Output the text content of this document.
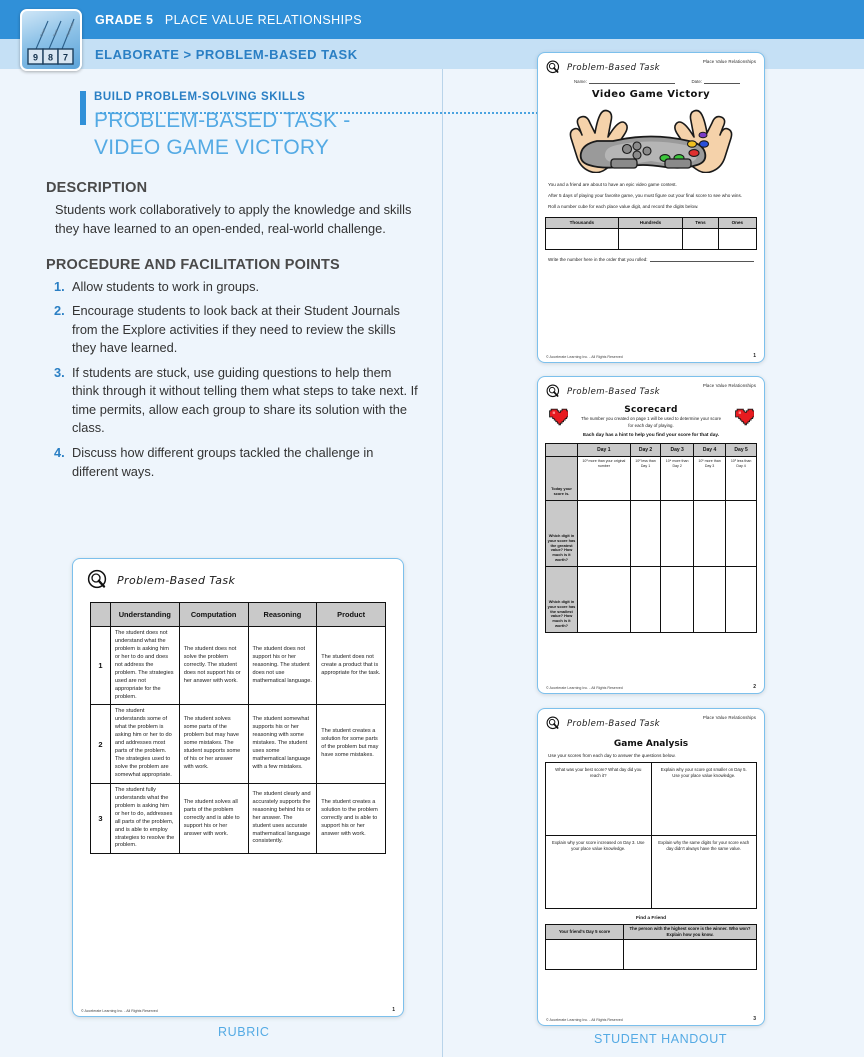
GRADE 5 PLACE VALUE RELATIONSHIPS
ELABORATE > PROBLEM-BASED TASK
Ones Tens Hundreds
9 8 7
BUILD PROBLEM-SOLVING SKILLS
PROBLEM-BASED TASK - VIDEO GAME VICTORY
DESCRIPTION
Students work collaboratively to apply the knowledge and skills they have learned to an open-ended, real-world challenge.
PROCEDURE AND FACILITATION POINTS
1. Allow students to work in groups.
2. Encourage students to look back at their Student Journals from the Explore activities if they need to review the skills they have learned.
3. If students are stuck, use guiding questions to help them think through it without telling them what steps to take next. If time permits, allow each group to share its solution with the class.
4. Discuss how different groups tackled the challenge in different ways.
Problem-Based Task
	Understanding	Computation	Reasoning	Product
1	The student does not understand what the problem is asking him or her to do and does not address the problem. The strategies used are not appropriate for the problem.	The student does not solve the problem correctly. The student does not support his or her answer with work.	The student does not support his or her reasoning. The student does not use mathematical language.	The student does not create a product that is appropriate for the task.
2	The student understands some of what the problem is asking him or her to do and addresses most parts of the problem. The strategies used to solve the problem are somewhat appropriate.	The student solves some parts of the problem but may have some mistakes. The student supports some of his or her answer with work.	The student somewhat supports his or her reasoning with some mistakes. The student uses some mathematical language with a few mistakes.	The student creates a solution for some parts of the problem but may have some mistakes.
3	The student fully understands what the problem is asking him or her to do, addresses all parts of the problem, and is able to employ strategies to resolve the problem.	The student solves all parts of the problem correctly and is able to support his or her answer with work.	The student clearly and accurately supports the reasoning behind his or her answer. The student uses accurate mathematical language consistently.	The student creates a solution to the problem correctly and is able to support his or her answer with work.
© Accelerate Learning Inc. - All Rights Reserved	1
Problem-Based Task
Place Value Relationships
Name:	Date:
Video Game Victory

You and a friend are about to have an epic video game contest.

After 5 days of playing your favorite game, you must figure out your final score to see who wins.

Roll a number cube for each place value digit, and record the digits below.

Thousands	Hundreds	Tens	Ones

Write the number here in the order that you rolled:
© Accelerate Learning Inc. - All Rights Reserved	1
Problem-Based Task
Place Value Relationships
Scorecard
The number you created on page 1 will be used to determine your score for each day of playing.
Each day has a hint to help you find your score for that day.
	Day 1	Day 2	Day 3	Day 4	Day 5
Today your score is.	10³ more than your original number	10² less than Day 1	10⁴ more than Day 2	10¹ more than Day 3	10³ less than Day 4
Which digit in your score has the greatest value? How much is it worth?					
Which digit in your score has the smallest value? How much is it worth?					
© Accelerate Learning Inc. - All Rights Reserved	2
Problem-Based Task
Place Value Relationships
Game Analysis
Use your scores from each day to answer the questions below.
What was your best score? What day did you reach it?	Explain why your score got smaller on Day 5. Use your place value knowledge.
Explain why your score increased on Day 3. Use your place value knowledge.	Explain why the same digits for your score each day didn't always have the same value.
Find a Friend
Your friend's Day 5 score	The person with the highest score is the winner. Who won? Explain how you know.

© Accelerate Learning Inc. - All Rights Reserved	3
RUBRIC	STUDENT HANDOUT
